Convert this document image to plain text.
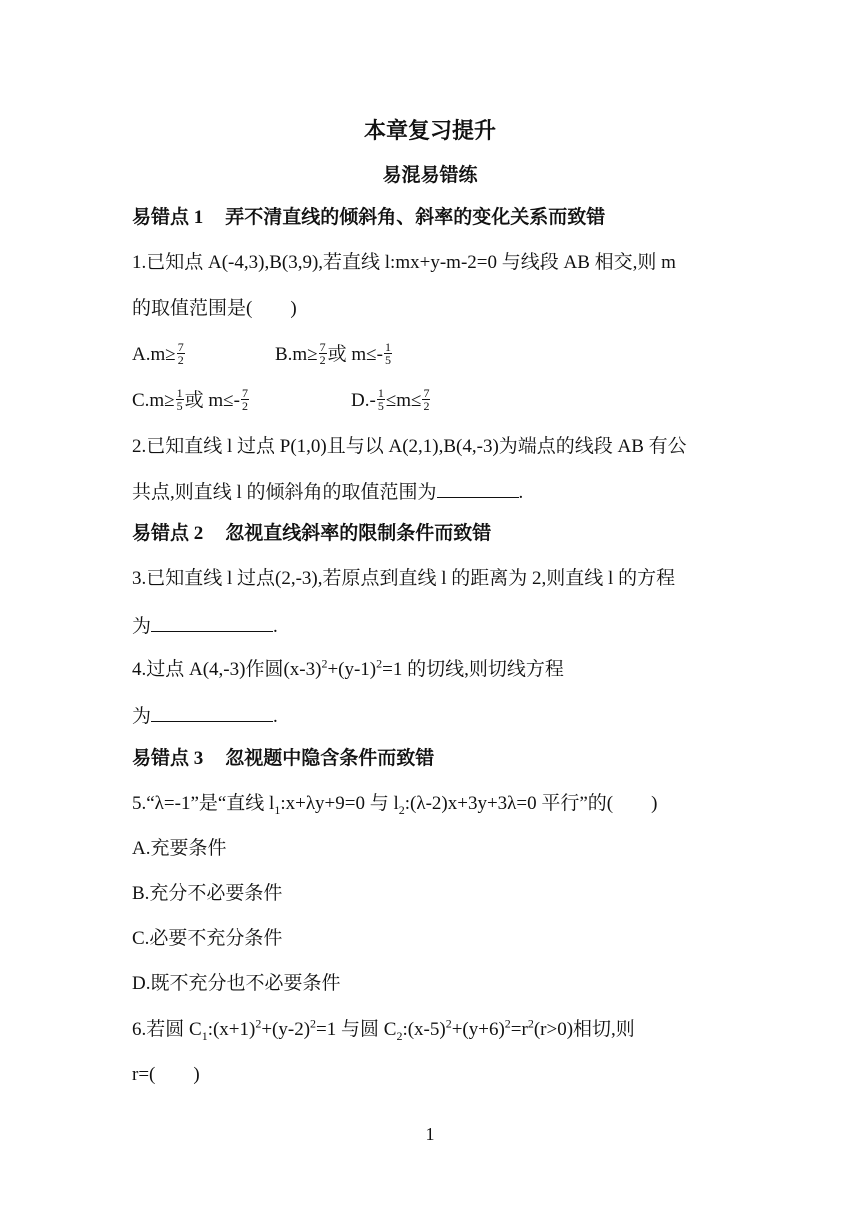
本章复习提升
易混易错练
易错点 1 弄不清直线的倾斜角、斜率的变化关系而致错
1.已知点 A(-4,3),B(3,9),若直线 l:mx+y-m-2=0 与线段 AB 相交,则 m
的取值范围是(　　)
$A.m\ge \frac{7}{2}$	$B.m\ge \frac{7}{2}$ 或 $m\le- \frac{1}{5}$
$C.m\ge \frac{1}{5}$ 或 $m\le- \frac{7}{2}$	$D.- \frac{1}{5} \le m\le \frac{7}{2}$
2.已知直线 l 过点 P(1,0)且与以 A(2,1),B(4,-3)为端点的线段 AB 有公
共点,则直线 l 的倾斜角的取值范围为	.
易错点 2 忽视直线斜率的限制条件而致错
3.已知直线 l 过点(2,-3),若原点到直线 l 的距离为 2,则直线 l 的方程
为	.
4.过点 A(4,-3)作圆$(x-3)^2+(y-1)^2=1$ 的切线,则切线方程
为	.
易错点 3 忽视题中隐含条件而致错
5.“λ=-1”是“直线 $l_1:x+\lambda y+9=0$ 与 $l_2:(\lambda-2)x+3y+3\lambda=0$ 平行”的(　　)
A.充要条件
B.充分不必要条件
C.必要不充分条件
D.既不充分也不必要条件
6.若圆 $C_1:(x+1)^2+(y-2)^2=1$ 与圆 $C_2:(x-5)^2+(y+6)^2=r^2(r>0)$相切,则
r=(　　)
1
